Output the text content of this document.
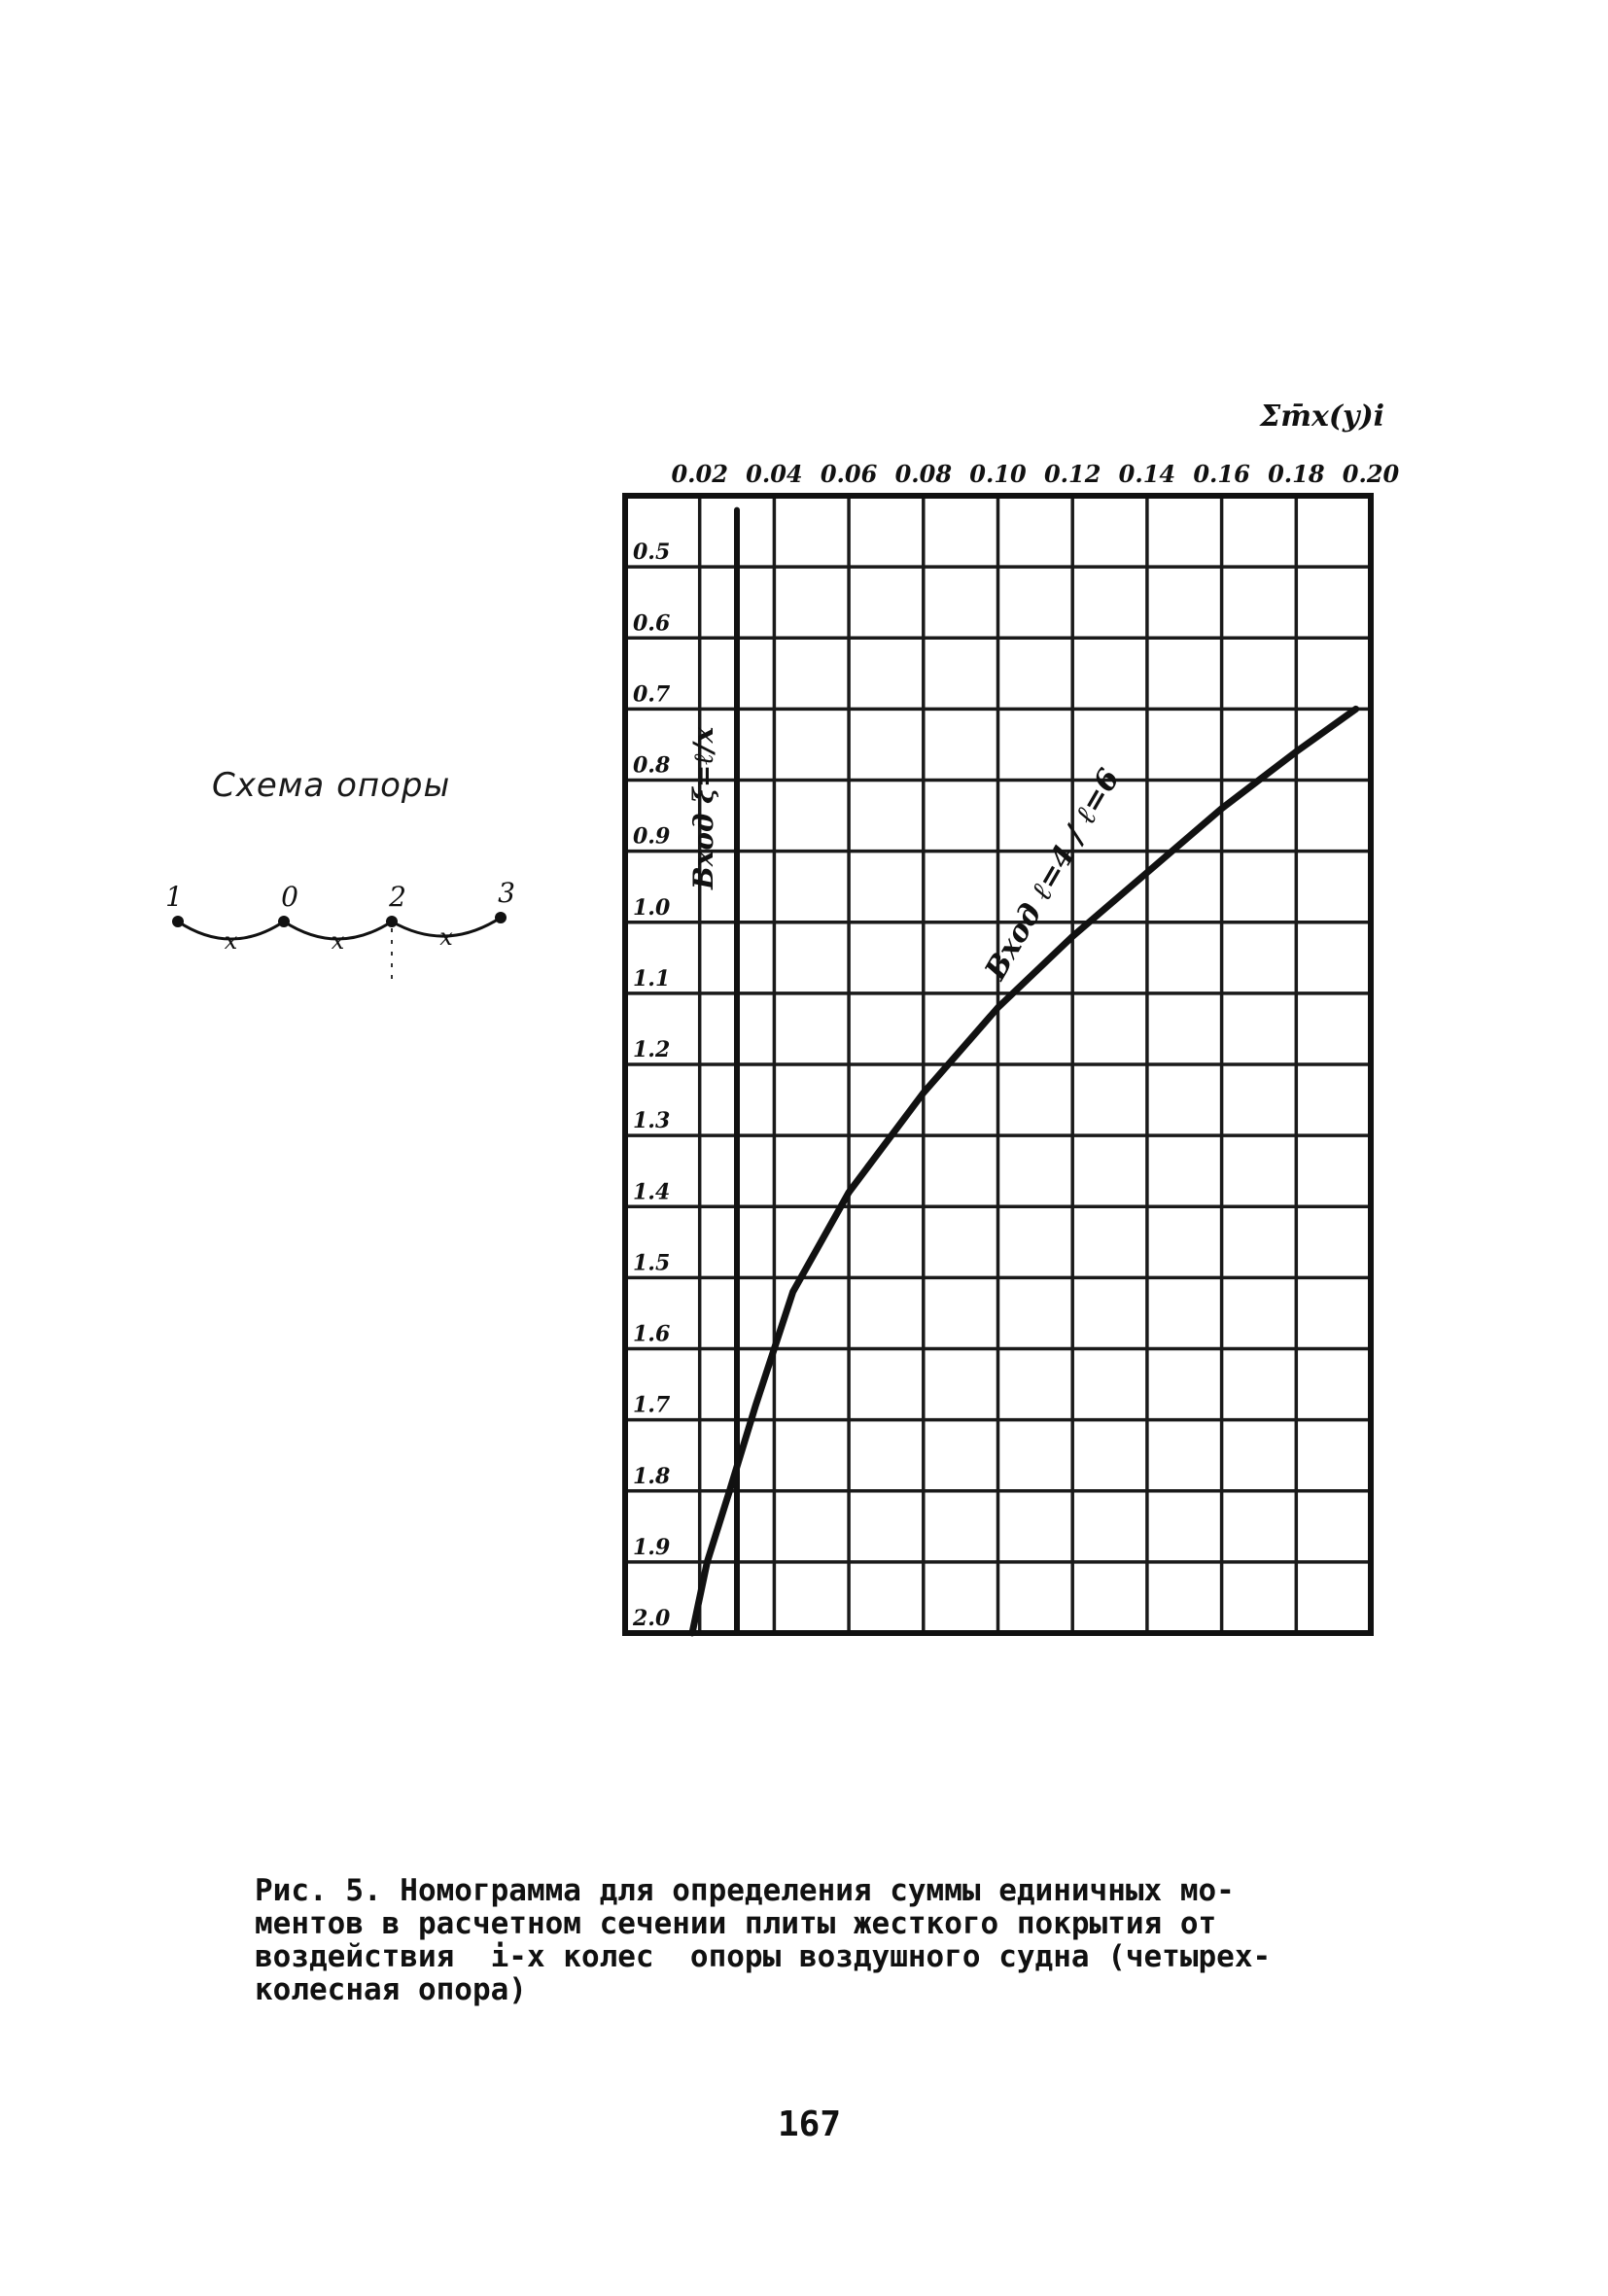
0.02 0.04 0.06 0.08 0.10 0.12 0.14 0.16 0.18 0.20
0.5
0.6
0.7
0.8
0.9
1.0
1.1
1.2
1.3
1.4
1.5
1.6
1.7
1.8
1.9
2.0
Вход ℓ=4 / ℓ=6
Вход ξ=ℓ/x
1	0	2	3
x	x	x
Σm̄x(y)i
Схема опоры
Рис. 5. Номограмма для определения суммы единичных мо-
ментов в расчетном сечении плиты жесткого покрытия от
воздействия  i-х колес  опоры воздушного судна (четырех-
колесная опора)
167
